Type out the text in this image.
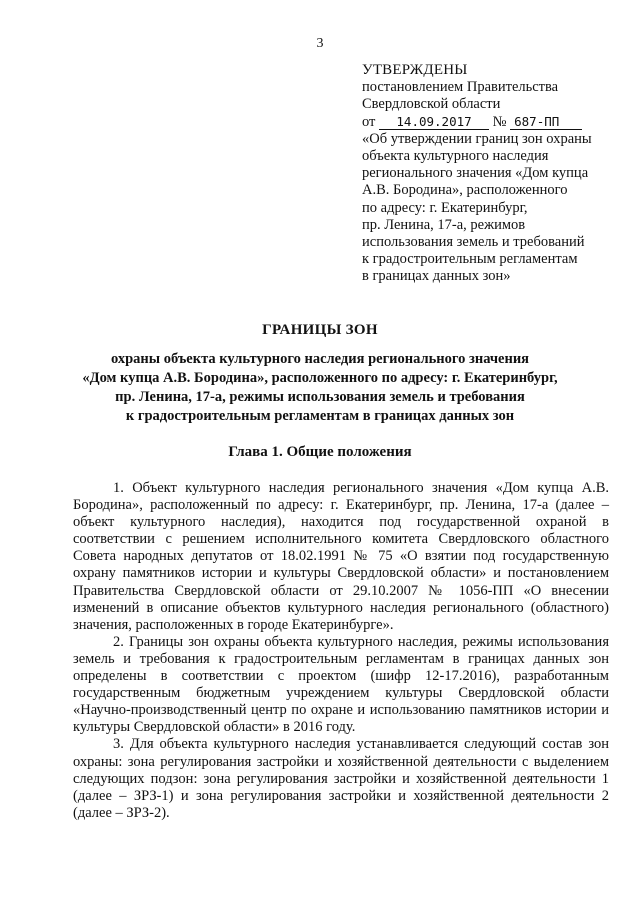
3
УТВЕРЖДЕНЫ
постановлением Правительства
Свердловской области
от 14.09.2017 № 687-ПП
«Об утверждении границ зон охраны
объекта культурного наследия
регионального значения «Дом купца
А.В. Бородина», расположенного
по адресу: г. Екатеринбург,
пр. Ленина, 17-а, режимов
использования земель и требований
к градостроительным регламентам
в границах данных зон»
ГРАНИЦЫ ЗОН
охраны объекта культурного наследия регионального значения
«Дом купца А.В. Бородина», расположенного по адресу: г. Екатеринбург,
пр. Ленина, 17-а, режимы использования земель и требования
к градостроительным регламентам в границах данных зон
Глава 1. Общие положения

1. Объект культурного наследия регионального значения «Дом купца А.В. Бородина», расположенный по адресу: г. Екатеринбург, пр. Ленина, 17-а (далее – объект культурного наследия), находится под государственной охраной в соответствии с решением исполнительного комитета Свердловского областного Совета народных депутатов от 18.02.1991 № 75 «О взятии под государственную охрану памятников истории и культуры Свердловской области» и постановлением Правительства Свердловской области от 29.10.2007 № 1056-ПП «О внесении изменений в описание объектов культурного наследия регионального (областного) значения, расположенных в городе Екатеринбурге».

2. Границы зон охраны объекта культурного наследия, режимы использования земель и требования к градостроительным регламентам в границах данных зон определены в соответствии с проектом (шифр 12-17.2016), разработанным государственным бюджетным учреждением культуры Свердловской области «Научно-производственный центр по охране и использованию памятников истории и культуры Свердловской области» в 2016 году.

3. Для объекта культурного наследия устанавливается следующий состав зон охраны: зона регулирования застройки и хозяйственной деятельности с выделением следующих подзон: зона регулирования застройки и хозяйственной деятельности 1 (далее – ЗРЗ-1) и зона регулирования застройки и хозяйственной деятельности 2 (далее – ЗРЗ-2).
